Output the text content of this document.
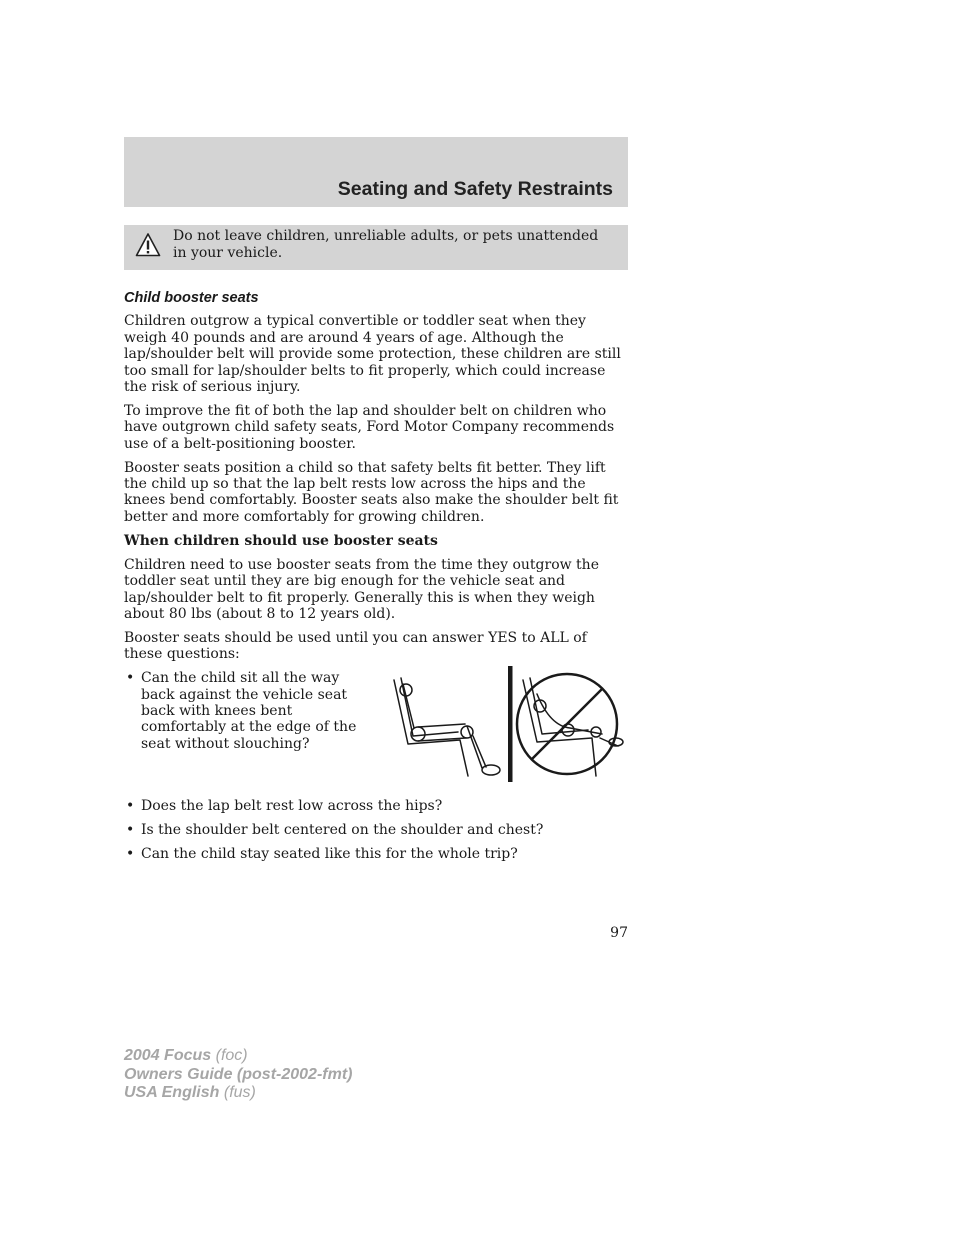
Seating and Safety Restraints
Do not leave children, unreliable adults, or pets unattended in your vehicle.
Child booster seats

Children outgrow a typical convertible or toddler seat when they weigh 40 pounds and are around 4 years of age. Although the lap/shoulder belt will provide some protection, these children are still too small for lap/shoulder belts to fit properly, which could increase the risk of serious injury.

To improve the fit of both the lap and shoulder belt on children who have outgrown child safety seats, Ford Motor Company recommends use of a belt-positioning booster.

Booster seats position a child so that safety belts fit better. They lift the child up so that the lap belt rests low across the hips and the knees bend comfortably. Booster seats also make the shoulder belt fit better and more comfortably for growing children.

When children should use booster seats

Children need to use booster seats from the time they outgrow the toddler seat until they are big enough for the vehicle seat and lap/shoulder belt to fit properly. Generally this is when they weigh about 80 lbs (about 8 to 12 years old).

Booster seats should be used until you can answer YES to ALL of these questions:

• Can the child sit all the way back against the vehicle seat back with knees bent comfortably at the edge of the seat without slouching?
• Does the lap belt rest low across the hips?
• Is the shoulder belt centered on the shoulder and chest?
• Can the child stay seated like this for the whole trip?
97
2004 Focus (foc)
Owners Guide (post-2002-fmt)
USA English (fus)
